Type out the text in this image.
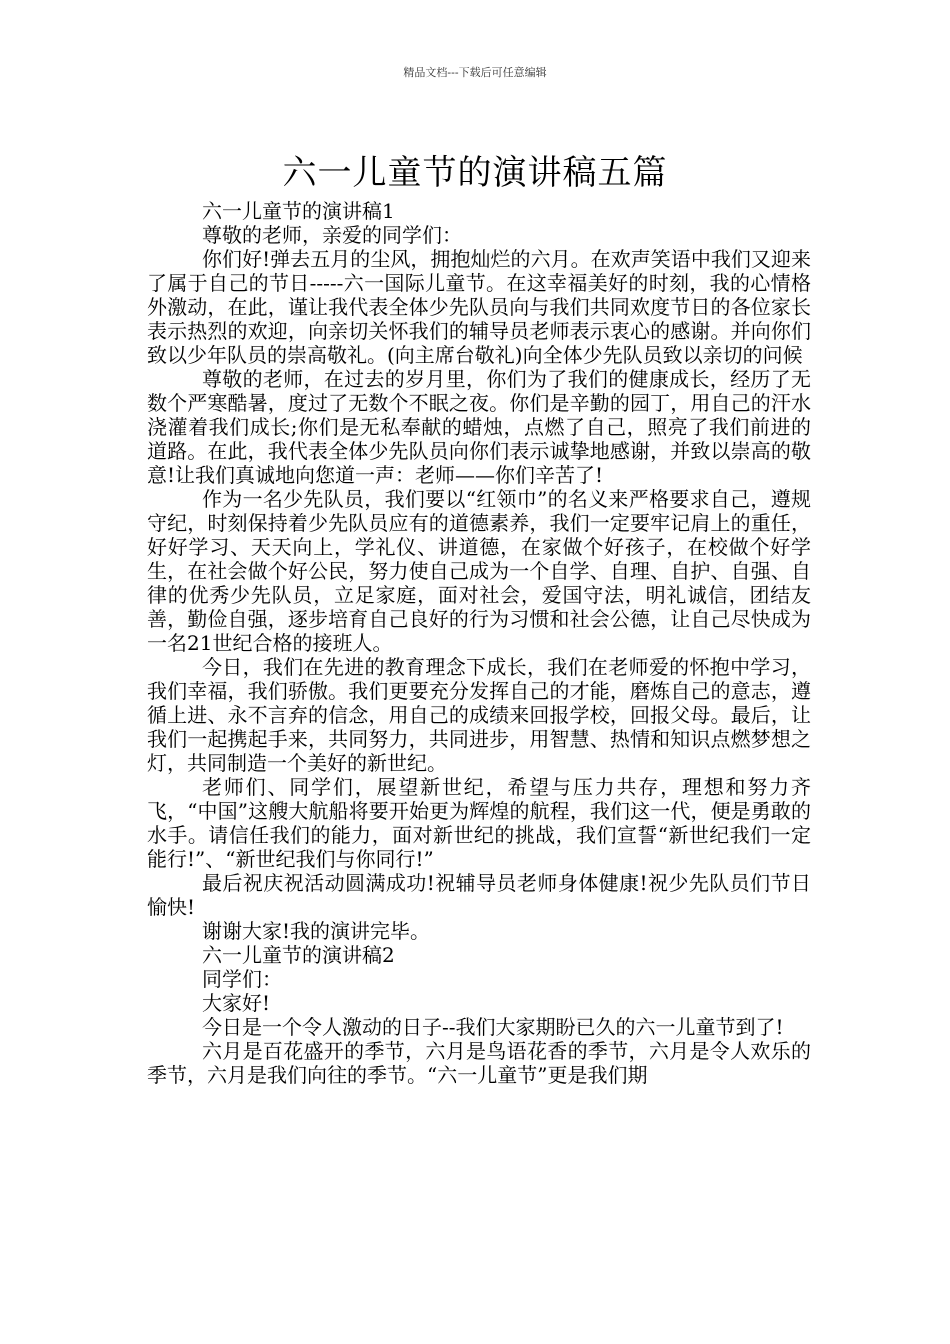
精品文档---下载后可任意编辑
六一儿童节的演讲稿五篇

六一儿童节的演讲稿1

尊敬的老师，亲爱的同学们：

你们好!弹去五月的尘风，拥抱灿烂的六月。在欢声笑语中我们又迎来了属于自己的节日-----六一国际儿童节。在这幸福美好的时刻，我的心情格外激动，在此，谨让我代表全体少先队员向与我们共同欢度节日的各位家长表示热烈的欢迎，向亲切关怀我们的辅导员老师表示衷心的感谢。并向你们致以少年队员的崇高敬礼。(向主席台敬礼)向全体少先队员致以亲切的问候

尊敬的老师，在过去的岁月里，你们为了我们的健康成长，经历了无数个严寒酷暑，度过了无数个不眠之夜。你们是辛勤的园丁，用自己的汗水浇灌着我们成长;你们是无私奉献的蜡烛，点燃了自己，照亮了我们前进的道路。在此，我代表全体少先队员向你们表示诚挚地感谢，并致以崇高的敬意!让我们真诚地向您道一声：老师——你们辛苦了!

作为一名少先队员，我们要以“红领巾”的名义来严格要求自己，遵规守纪，时刻保持着少先队员应有的道德素养，我们一定要牢记肩上的重任，好好学习、天天向上，学礼仪、讲道德，在家做个好孩子，在校做个好学生，在社会做个好公民，努力使自己成为一个自学、自理、自护、自强、自律的优秀少先队员，立足家庭，面对社会，爱国守法，明礼诚信，团结友善，勤俭自强，逐步培育自己良好的行为习惯和社会公德，让自己尽快成为一名21世纪合格的接班人。

今日，我们在先进的教育理念下成长，我们在老师爱的怀抱中学习，我们幸福，我们骄傲。我们更要充分发挥自己的才能，磨炼自己的意志，遵循上进、永不言弃的信念，用自己的成绩来回报学校，回报父母。最后，让我们一起携起手来，共同努力，共同进步，用智慧、热情和知识点燃梦想之灯，共同制造一个美好的新世纪。

老师们、同学们，展望新世纪，希望与压力共存，理想和努力齐飞，“中国”这艘大航船将要开始更为辉煌的航程，我们这一代，便是勇敢的水手。请信任我们的能力，面对新世纪的挑战，我们宣誓“新世纪我们一定能行!”、“新世纪我们与你同行!”

最后祝庆祝活动圆满成功!祝辅导员老师身体健康!祝少先队员们节日愉快!

谢谢大家!我的演讲完毕。

六一儿童节的演讲稿2

同学们：

大家好!

今日是一个令人激动的日子--我们大家期盼已久的六一儿童节到了!

六月是百花盛开的季节，六月是鸟语花香的季节，六月是令人欢乐的季节，六月是我们向往的季节。“六一儿童节”更是我们期
